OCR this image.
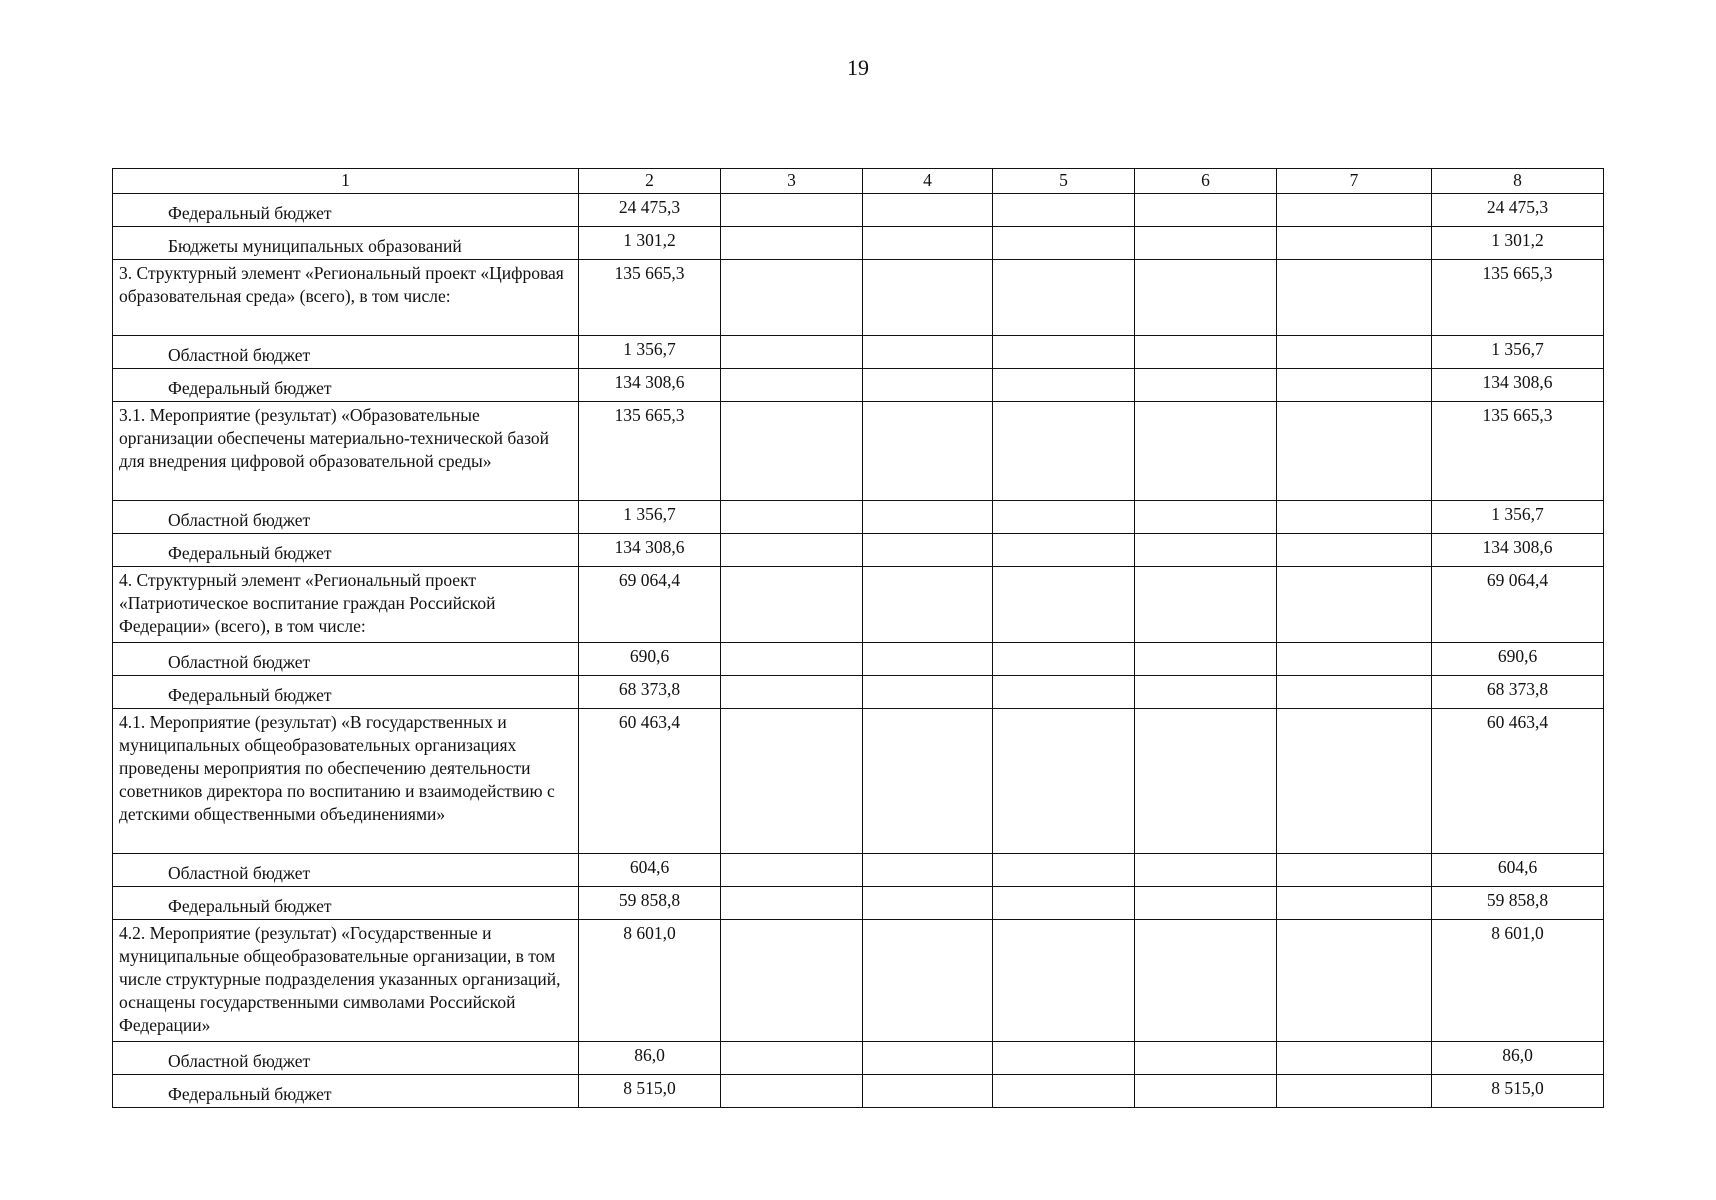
19
1	2	3	4	5	6	7	8
Федеральный бюджет	24 475,3						24 475,3
Бюджеты муниципальных образований	1 301,2						1 301,2
3. Структурный элемент «Региональный проект «Цифровая образовательная среда» (всего), в том числе:	135 665,3						135 665,3
Областной бюджет	1 356,7						1 356,7
Федеральный бюджет	134 308,6						134 308,6
3.1. Мероприятие (результат) «Образовательные организации обеспечены материально-технической базой для внедрения цифровой образовательной среды»	135 665,3						135 665,3
Областной бюджет	1 356,7						1 356,7
Федеральный бюджет	134 308,6						134 308,6
4. Структурный элемент «Региональный проект «Патриотическое воспитание граждан Российской Федерации» (всего), в том числе:	69 064,4						69 064,4
Областной бюджет	690,6						690,6
Федеральный бюджет	68 373,8						68 373,8
4.1. Мероприятие (результат) «В государственных и муниципальных общеобразовательных организациях проведены мероприятия по обеспечению деятельности советников директора по воспитанию и взаимодействию с детскими общественными объединениями»	60 463,4						60 463,4
Областной бюджет	604,6						604,6
Федеральный бюджет	59 858,8						59 858,8
4.2. Мероприятие (результат) «Государственные и муниципальные общеобразовательные организации, в том числе структурные подразделения указанных организаций, оснащены государственными символами Российской Федерации»	8 601,0						8 601,0
Областной бюджет	86,0						86,0
Федеральный бюджет	8 515,0						8 515,0
